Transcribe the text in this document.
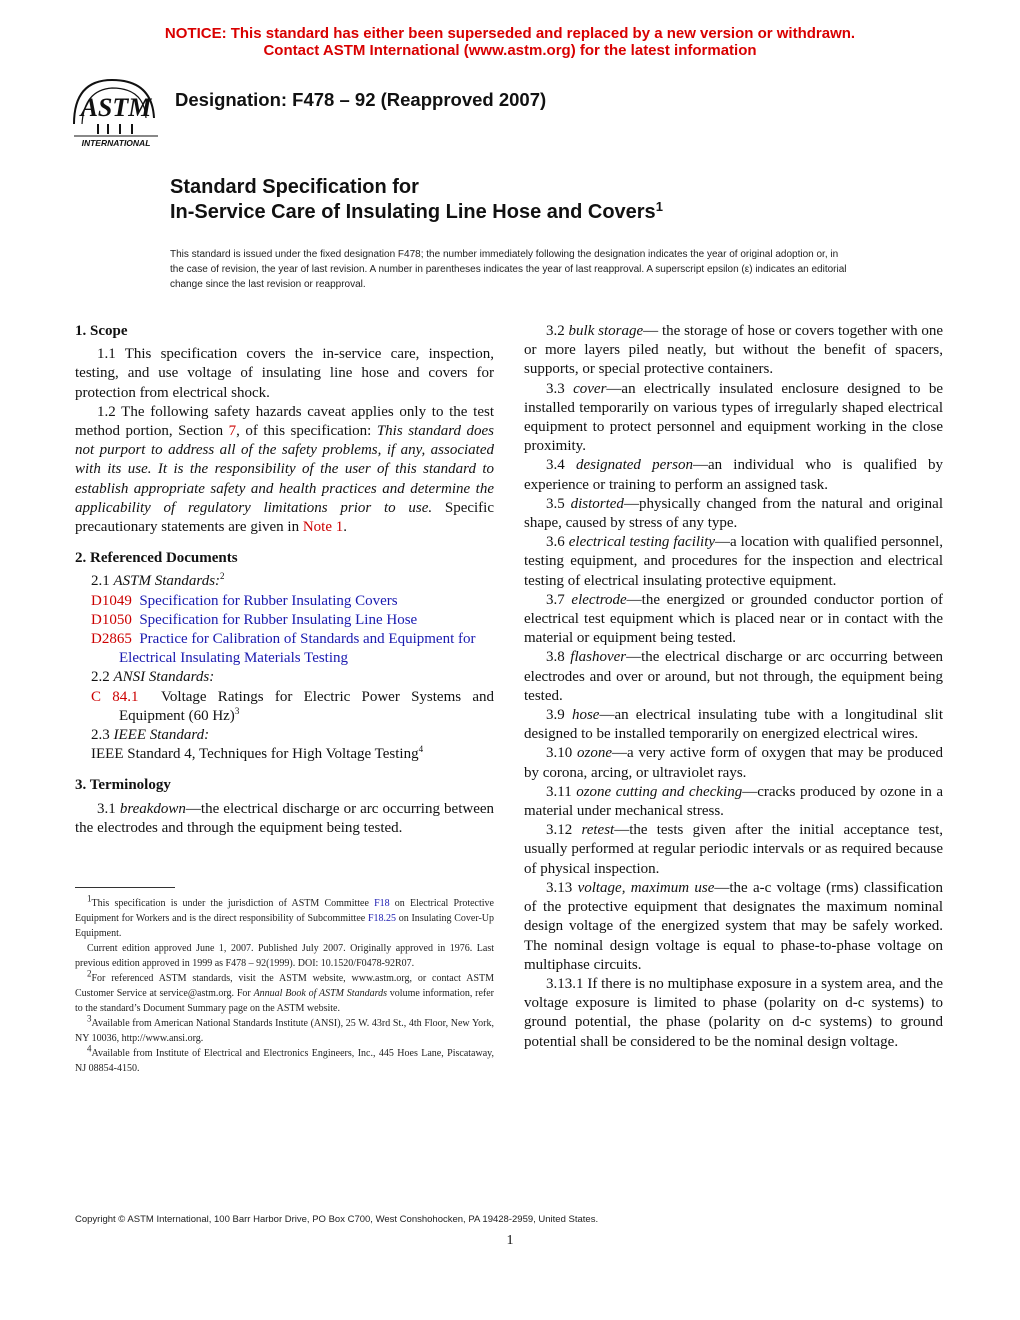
NOTICE: This standard has either been superseded and replaced by a new version or withdrawn.
Contact ASTM International (www.astm.org) for the latest information
ASTM
INTERNATIONAL
Designation: F478 – 92 (Reapproved 2007)
Standard Specification for
In-Service Care of Insulating Line Hose and Covers$^1$
This standard is issued under the fixed designation F478; the number immediately following the designation indicates the year of original adoption or, in the case of revision, the year of last revision. A number in parentheses indicates the year of last reapproval. A superscript epsilon (ε) indicates an editorial change since the last revision or reapproval.
1. Scope

1.1 This specification covers the in-service care, inspection, testing, and use voltage of insulating line hose and covers for protection from electrical shock.

1.2 The following safety hazards caveat applies only to the test method portion, Section 7, of this specification: This standard does not purport to address all of the safety problems, if any, associated with its use. It is the responsibility of the user of this standard to establish appropriate safety and health practices and determine the applicability of regulatory limitations prior to use. Specific precautionary statements are given in Note 1.

2. Referenced Documents

2.1 ASTM Standards:$^2$

D1049 Specification for Rubber Insulating Covers

D1050 Specification for Rubber Insulating Line Hose

D2865 Practice for Calibration of Standards and Equipment for Electrical Insulating Materials Testing

2.2 ANSI Standards:

C 84.1 Voltage Ratings for Electric Power Systems and Equipment (60 Hz)$^3$

2.3 IEEE Standard:

IEEE Standard 4, Techniques for High Voltage Testing$^4$

3. Terminology

3.1 breakdown—the electrical discharge or arc occurring between the electrodes and through the equipment being tested.

3.2 bulk storage— the storage of hose or covers together with one or more layers piled neatly, but without the benefit of spacers, supports, or special protective containers.

3.3 cover—an electrically insulated enclosure designed to be installed temporarily on various types of irregularly shaped electrical equipment to protect personnel and equipment working in the close proximity.

3.4 designated person—an individual who is qualified by experience or training to perform an assigned task.

3.5 distorted—physically changed from the natural and original shape, caused by stress of any type.

3.6 electrical testing facility—a location with qualified personnel, testing equipment, and procedures for the inspection and electrical testing of electrical insulating protective equipment.

3.7 electrode—the energized or grounded conductor portion of electrical test equipment which is placed near or in contact with the material or equipment being tested.

3.8 flashover—the electrical discharge or arc occurring between electrodes and over or around, but not through, the equipment being tested.

3.9 hose—an electrical insulating tube with a longitudinal slit designed to be installed temporarily on energized electrical wires.

3.10 ozone—a very active form of oxygen that may be produced by corona, arcing, or ultraviolet rays.

3.11 ozone cutting and checking—cracks produced by ozone in a material under mechanical stress.

3.12 retest—the tests given after the initial acceptance test, usually performed at regular periodic intervals or as required because of physical inspection.

3.13 voltage, maximum use—the a-c voltage (rms) classification of the protective equipment that designates the maximum nominal design voltage of the energized system that may be safely worked. The nominal design voltage is equal to phase-to-phase voltage on multiphase circuits.

3.13.1 If there is no multiphase exposure in a system area, and the voltage exposure is limited to phase (polarity on d-c systems) to ground potential, the phase (polarity on d-c systems) to ground potential shall be considered to be the nominal design voltage.

$^1$This specification is under the jurisdiction of ASTM Committee F18 on Electrical Protective Equipment for Workers and is the direct responsibility of Subcommittee F18.25 on Insulating Cover-Up Equipment.

Current edition approved June 1, 2007. Published July 2007. Originally approved in 1976. Last previous edition approved in 1999 as F478 – 92(1999). DOI: 10.1520/F0478-92R07.

$^2$For referenced ASTM standards, visit the ASTM website, www.astm.org, or contact ASTM Customer Service at service@astm.org. For Annual Book of ASTM Standards volume information, refer to the standard’s Document Summary page on the ASTM website.

$^3$Available from American National Standards Institute (ANSI), 25 W. 43rd St., 4th Floor, New York, NY 10036, http://www.ansi.org.

$^4$Available from Institute of Electrical and Electronics Engineers, Inc., 445 Hoes Lane, Piscataway, NJ 08854-4150.

Copyright © ASTM International, 100 Barr Harbor Drive, PO Box C700, West Conshohocken, PA 19428-2959, United States.
1
